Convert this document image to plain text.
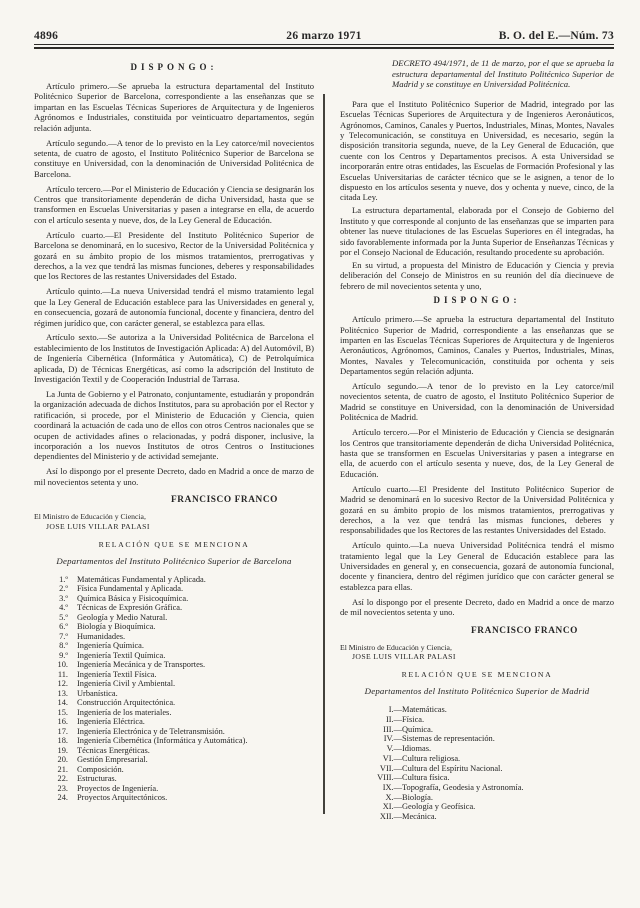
4896	26 marzo 1971	B. O. del E.—Núm. 73
DISPONGO:

Artículo primero.—Se aprueba la estructura departamental del Instituto Politécnico Superior de Barcelona, correspondiente a las enseñanzas que se impartan en las Escuelas Técnicas Superiores de Arquitectura y de Ingenieros Agrónomos e Industriales, constituida por veinticuatro departamentos, según relación adjunta.

Artículo segundo.—A tenor de lo previsto en la Ley catorce/mil novecientos setenta, de cuatro de agosto, el Instituto Politécnico Superior de Barcelona se constituye en Universidad, con la denominación de Universidad Politécnica de Barcelona.

Artículo tercero.—Por el Ministerio de Educación y Ciencia se designarán los Centros que transitoriamente dependerán de dicha Universidad, hasta que se transformen en Escuelas Universitarias y pasen a integrarse en ella, de acuerdo con el artículo sesenta y nueve, dos, de la Ley General de Educación.

Artículo cuarto.—El Presidente del Instituto Politécnico Superior de Barcelona se denominará, en lo sucesivo, Rector de la Universidad Politécnica y gozará en su ámbito propio de los mismos tratamientos, prerrogativas y derechos, a la vez que tendrá las mismas funciones, deberes y responsabilidades que los Rectores de las restantes Universidades del Estado.

Artículo quinto.—La nueva Universidad tendrá el mismo tratamiento legal que la Ley General de Educación establece para las Universidades en general y, en consecuencia, gozará de autonomía funcional, docente y financiera, dentro del régimen jurídico que, con carácter general, se establezca para ellas.

Artículo sexto.—Se autoriza a la Universidad Politécnica de Barcelona el establecimiento de los Institutos de Investigación Aplicada: A) del Automóvil, B) de Ingeniería Cibernética (Informática y Automática), C) de Petrolquímica aplicada, D) de Técnicas Energéticas, así como la adscripción del Instituto de Investigación Textil y de Cooperación Industrial de Tarrasa.

La Junta de Gobierno y el Patronato, conjuntamente, estudiarán y propondrán la organización adecuada de dichos Institutos, para su aprobación por el Rector y ratificación, si procede, por el Ministerio de Educación y Ciencia, quien coordinará la actuación de cada uno de ellos con otros Centros nacionales que se ocupen de actividades afines o relacionadas, y podrá disponer, inclusive, la incorporación a los nuevos Institutos de otros Centros o Instituciones dependientes del Ministerio y de actividad semejante.

Así lo dispongo por el presente Decreto, dado en Madrid a once de marzo de mil novecientos setenta y uno.

FRANCISCO FRANCO
El Ministro de Educación y Ciencia,
JOSE LUIS VILLAR PALASI
RELACIÓN QUE SE MENCIONA
Departamentos del Instituto Politécnico Superior de Barcelona
1.º	Matemáticas Fundamental y Aplicada.
2.º	Física Fundamental y Aplicada.
3.º	Química Básica y Fisicoquímica.
4.º	Técnicas de Expresión Gráfica.
5.º	Geología y Medio Natural.
6.º	Biología y Bioquímica.
7.º	Humanidades.
8.º	Ingeniería Química.
9.º	Ingeniería Textil Química.
10.	Ingeniería Mecánica y de Transportes.
11.	Ingeniería Textil Física.
12.	Ingeniería Civil y Ambiental.
13.	Urbanística.
14.	Construcción Arquitectónica.
15.	Ingeniería de los materiales.
16.	Ingeniería Eléctrica.
17.	Ingeniería Electrónica y de Teletransmisión.
18.	Ingeniería Cibernética (Informática y Automática).
19.	Técnicas Energéticas.
20.	Gestión Empresarial.
21.	Composición.
22.	Estructuras.
23.	Proyectos de Ingeniería.
24.	Proyectos Arquitectónicos.
DECRETO 494/1971, de 11 de marzo, por el que se aprueba la estructura departamental del Instituto Politécnico Superior de Madrid y se constituye en Universidad Politécnica.

Para que el Instituto Politécnico Superior de Madrid, integrado por las Escuelas Técnicas Superiores de Arquitectura y de Ingenieros Aeronáuticos, Agrónomos, Caminos, Canales y Puertos, Industriales, Minas, Montes, Navales y Telecomunicación, se constituya en Universidad, es necesario, según la disposición transitoria segunda, nueve, de la Ley General de Educación, que cuente con los Centros y Departamentos precisos. A esta Universidad se incorporarán entre otras entidades, las Escuelas de Formación Profesional y las Escuelas Universitarias de carácter técnico que se le asignen, a tenor de lo dispuesto en los artículos sesenta y nueve, dos y ochenta y nueve, cinco, de la citada Ley.

La estructura departamental, elaborada por el Consejo de Gobierno del Instituto y que corresponde al conjunto de las enseñanzas que se imparten para obtener las nueve titulaciones de las Escuelas Superiores en él integradas, ha sido favorablemente informada por la Junta Superior de Enseñanzas Técnicas y por el Consejo Nacional de Educación, resultando procedente su aprobación.

En su virtud, a propuesta del Ministro de Educación y Ciencia y previa deliberación del Consejo de Ministros en su reunión del día diecinueve de febrero de mil novecientos setenta y uno,

DISPONGO:

Artículo primero.—Se aprueba la estructura departamental del Instituto Politécnico Superior de Madrid, correspondiente a las enseñanzas que se imparten en las Escuelas Técnicas Superiores de Arquitectura y de Ingenieros Aeronáuticos, Agrónomos, Caminos, Canales y Puertos, Industriales, Minas, Montes, Navales y Telecomunicación, constituida por ochenta y seis Departamentos según relación adjunta.

Artículo segundo.—A tenor de lo previsto en la Ley catorce/mil novecientos setenta, de cuatro de agosto, el Instituto Politécnico Superior de Madrid se constituye en Universidad, con la denominación de Universidad Politécnica de Madrid.

Artículo tercero.—Por el Ministerio de Educación y Ciencia se designarán los Centros que transitoriamente dependerán de dicha Universidad Politécnica, hasta que se transformen en Escuelas Universitarias y pasen a integrarse en ella, de acuerdo con el artículo sesenta y nueve, dos, de la Ley General de Educación.

Artículo cuarto.—El Presidente del Instituto Politécnico Superior de Madrid se denominará en lo sucesivo Rector de la Universidad Politécnica y gozará en su ámbito propio de los mismos tratamientos, prerrogativas y derechos, a la vez que tendrá las mismas funciones, deberes y responsabilidades que los Rectores de las restantes Universidades del Estado.

Artículo quinto.—La nueva Universidad Politécnica tendrá el mismo tratamiento legal que la Ley General de Educación establece para las Universidades en general y, en consecuencia, gozará de autonomía funcional, docente y financiera, dentro del régimen jurídico que con carácter general se establezca para ellas.

Así lo dispongo por el presente Decreto, dado en Madrid a once de marzo de mil novecientos setenta y uno.

FRANCISCO FRANCO
El Ministro de Educación y Ciencia,
JOSE LUIS VILLAR PALASI
RELACIÓN QUE SE MENCIONA
Departamentos del Instituto Politécnico Superior de Madrid
I.— Matemáticas.
II.— Física.
III.— Química.
IV.— Sistemas de representación.
V.— Idiomas.
VI.— Cultura religiosa.
VII.— Cultura del Espíritu Nacional.
VIII.— Cultura física.
IX.— Topografía, Geodesia y Astronomía.
X.— Biología.
XI.— Geología y Geofísica.
XII.— Mecánica.
